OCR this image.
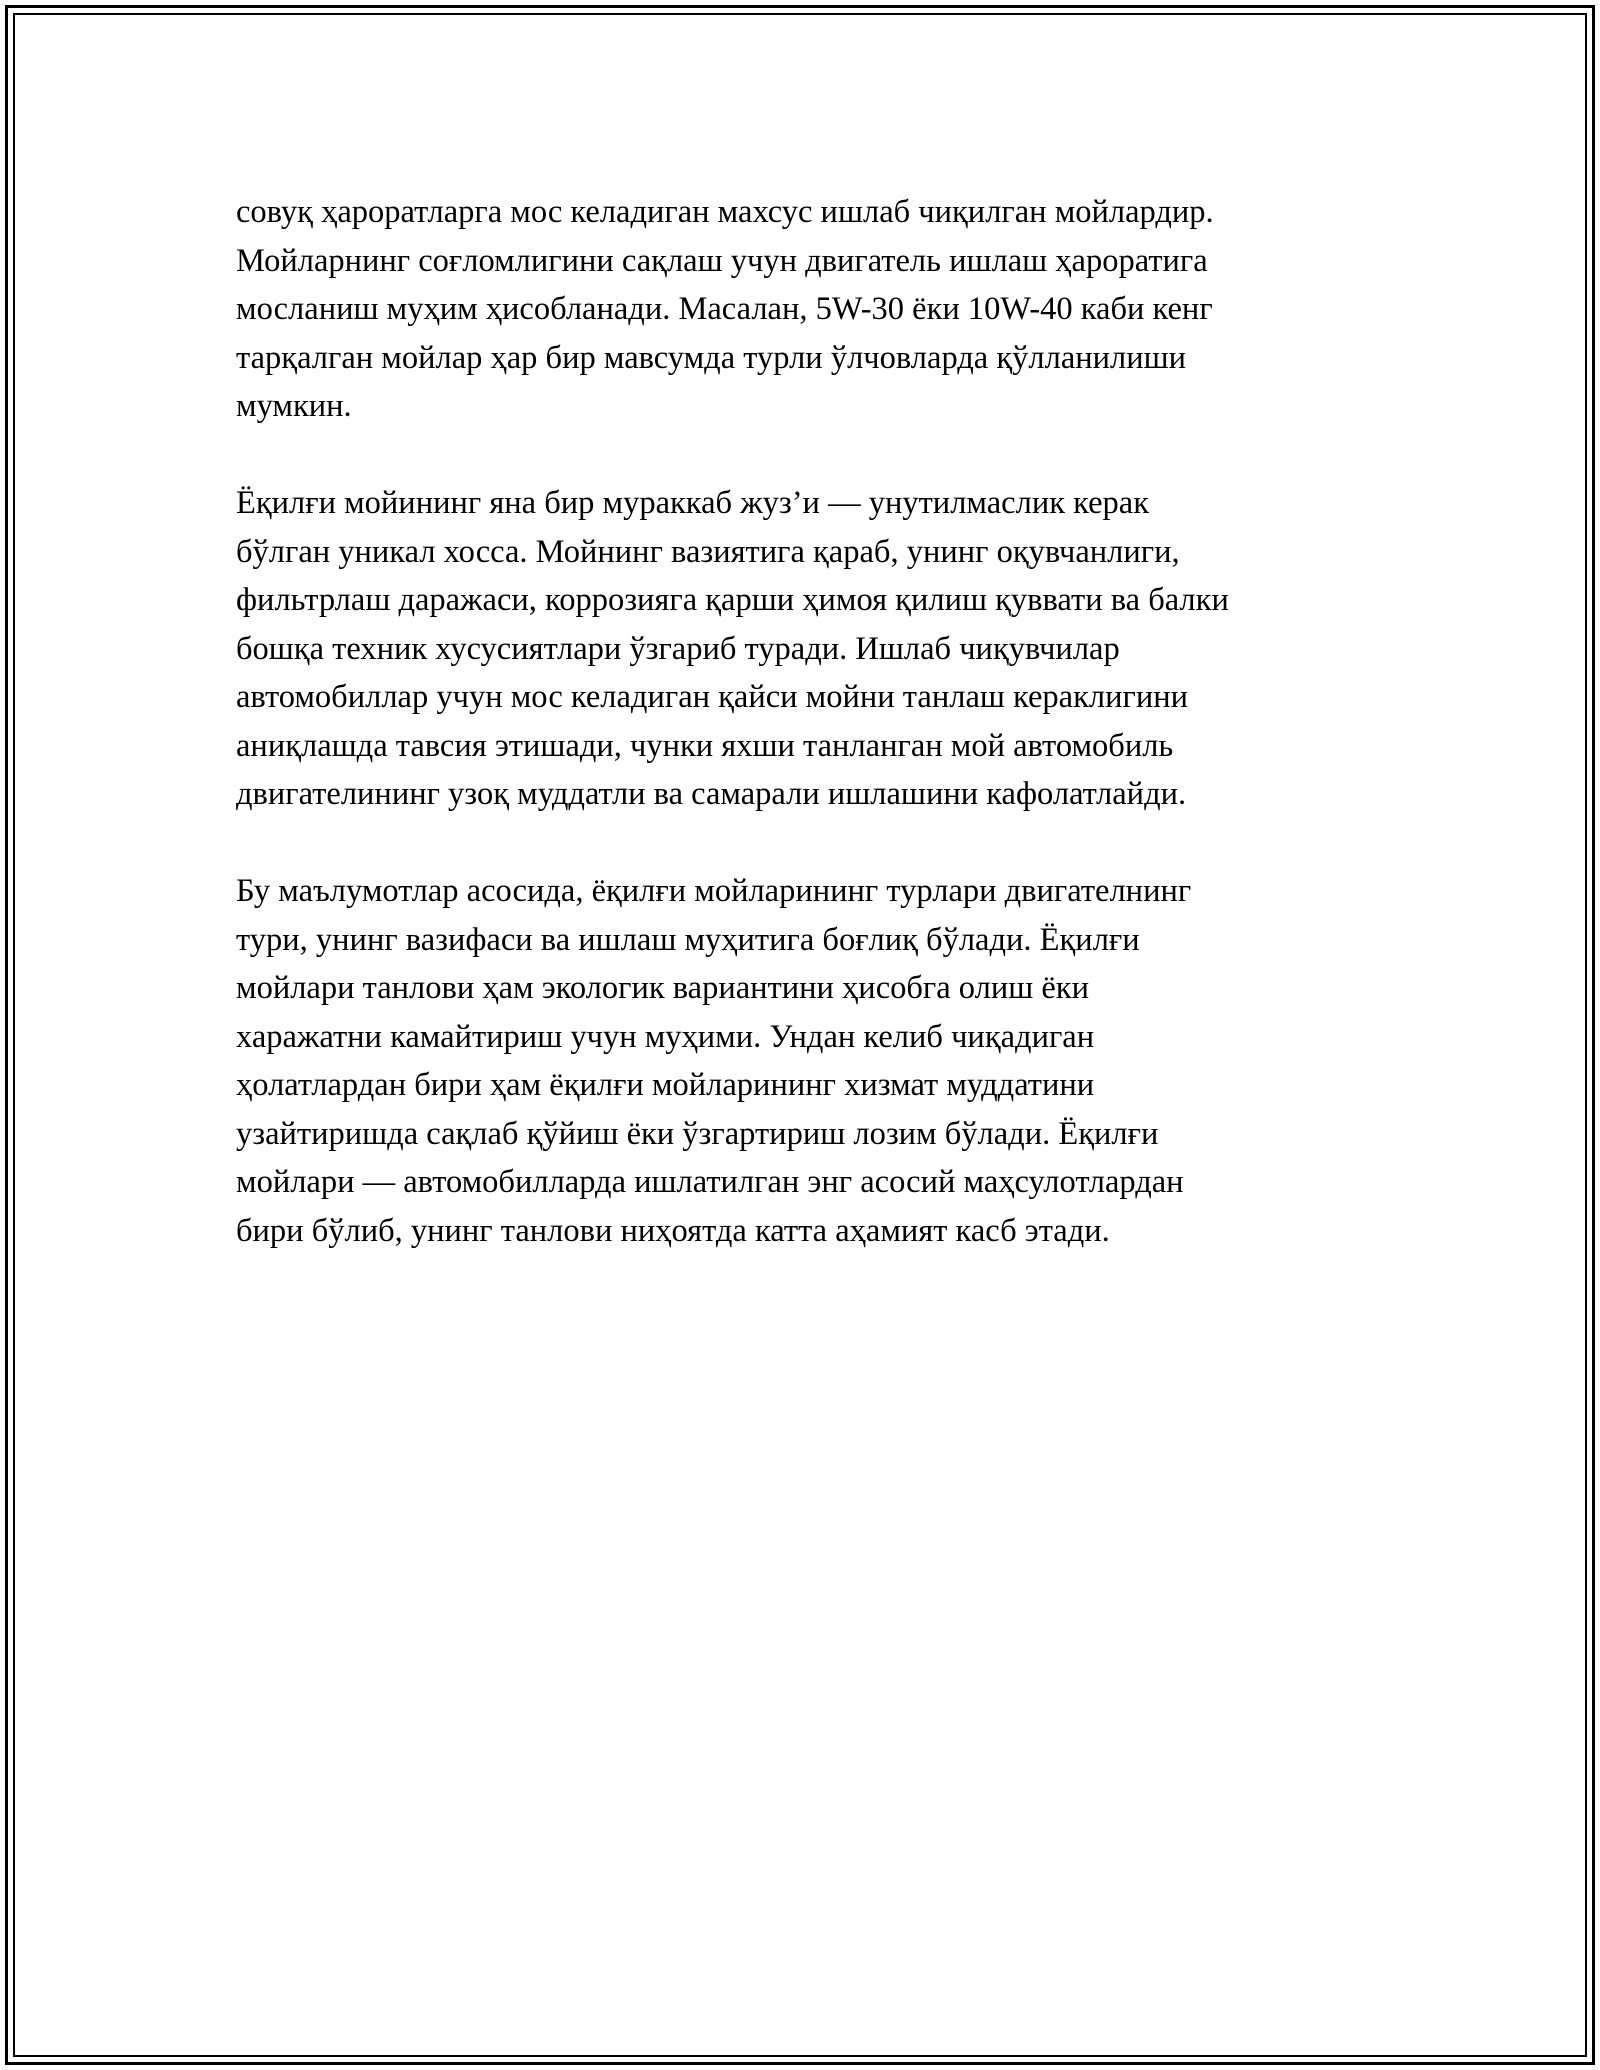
совуқ ҳароратларга мос келадиган махсус ишлаб чиқилган мойлардир.
Мойларнинг соғломлигини сақлаш учун двигатель ишлаш ҳароратига
мосланиш муҳим ҳисобланади. Масалан, 5W-30 ёки 10W-40 каби кенг
тарқалган мойлар ҳар бир мавсумда турли ўлчовларда қўлланилиши
мумкин.

Ёқилғи мойининг яна бир мураккаб жуз’и — унутилмаслик керак
бўлган уникал хосса. Мойнинг вазиятига қараб, унинг оқувчанлиги,
фильтрлаш даражаси, коррозияга қарши ҳимоя қилиш қуввати ва балки
бошқа техник хусусиятлари ўзгариб туради. Ишлаб чиқувчилар
автомобиллар учун мос келадиган қайси мойни танлаш кераклигини
аниқлашда тавсия этишади, чунки яхши танланган мой автомобиль
двигателининг узоқ муддатли ва самарали ишлашини кафолатлайди.

Бу маълумотлар асосида, ёқилғи мойларининг турлари двигателнинг
тури, унинг вазифаси ва ишлаш муҳитига боғлиқ бўлади. Ёқилғи
мойлари танлови ҳам экологик вариантини ҳисобга олиш ёки
харажатни камайтириш учун муҳими. Ундан келиб чиқадиган
ҳолатлардан бири ҳам ёқилғи мойларининг хизмат муддатини
узайтиришда сақлаб қўйиш ёки ўзгартириш лозим бўлади. Ёқилғи
мойлари — автомобилларда ишлатилган энг асосий маҳсулотлардан
бири бўлиб, унинг танлови ниҳоятда катта аҳамият касб этади.
